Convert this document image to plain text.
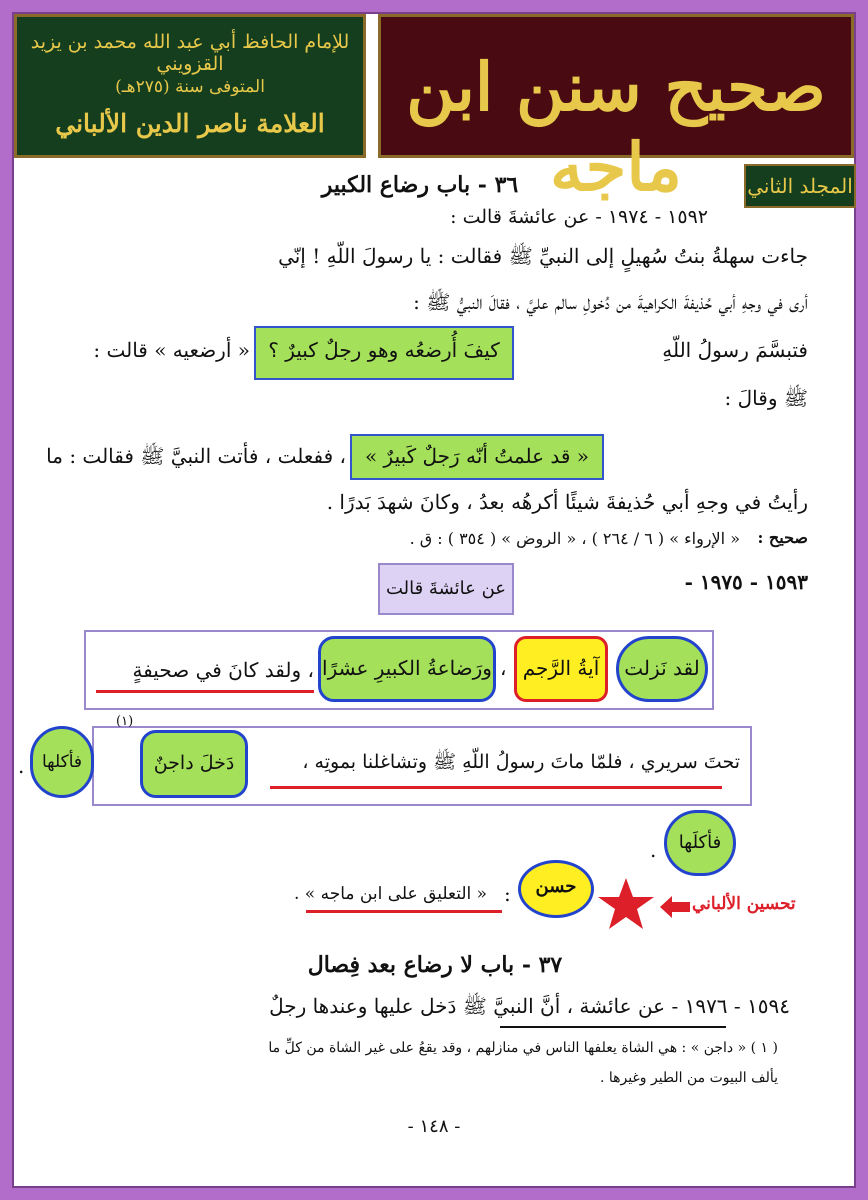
للإمام الحافظ أبي عبد الله محمد بن يزيد القزويني
المتوفى سنة (٢٧٥هـ)
العلامة ناصر الدين الألباني	صحيح سنن ابن ماجه	المجلد الثاني
٣٦ - باب رضاع الكبير
١٥٩٢ - ١٩٧٤ - عن عائشةَ قالت :
جاءت سهلةُ بنتُ سُهيلٍ إلى النبيِّ ﷺ فقالت : يا رسولَ اللّهِ ! إنّي
أرى في وجهِ أبي حُذيفةَ الكراهيةَ من دُخولِ سالم عليَّ ، فقالَ النبيُّ ﷺ :
فتبسَّمَ رسولُ اللّهِ
كيفَ أُرضعُه وهو رجلٌ كبيرٌ ؟
« أرضعيه » قالت :
ﷺ وقالَ :
« قد علمتُ أنّه رَجلٌ كَبيرٌ »
، ففعلت ، فأتت النبيَّ ﷺ فقالت : ما
رأيتُ في وجهِ أبي حُذيفةَ شيئًا أكرهُه بعدُ ، وكانَ شهدَ بَدرًا .
صحيح :
« الإرواء » ( ٦ / ٢٦٤ ) ، « الروض » ( ٣٥٤ ) : ق .
١٥٩٣ - ١٩٧٥ -
عن عائشةَ قالت
لقد نَزلت
آيةُ الرَّجم
،
ورَضاعةُ الكبيرِ عشرًا
، ولقد كانَ في صحيفةٍ
تحتَ سريري ، فلمّا ماتَ رسولُ اللّهِ ﷺ وتشاغلنا بموتِه ،
دَخلَ داجنٌ
(١)
فأكلها
.
فأكلَها
.
« التعليق على ابن ماجه » . :	حسن
تحسين الألباني
٣٧ - باب لا رضاع بعد فِصال
١٥٩٤ - ١٩٧٦ - عن عائشة ، أنَّ النبيَّ ﷺ دَخل عليها وعندها رجلٌ
( ١ ) « داجن » : هي الشاة يعلفها الناس في منازلهم ، وقد يقعُ على غير الشاة من كلِّ ما
يألف البيوت من الطير وغيرها .
- ١٤٨ -
